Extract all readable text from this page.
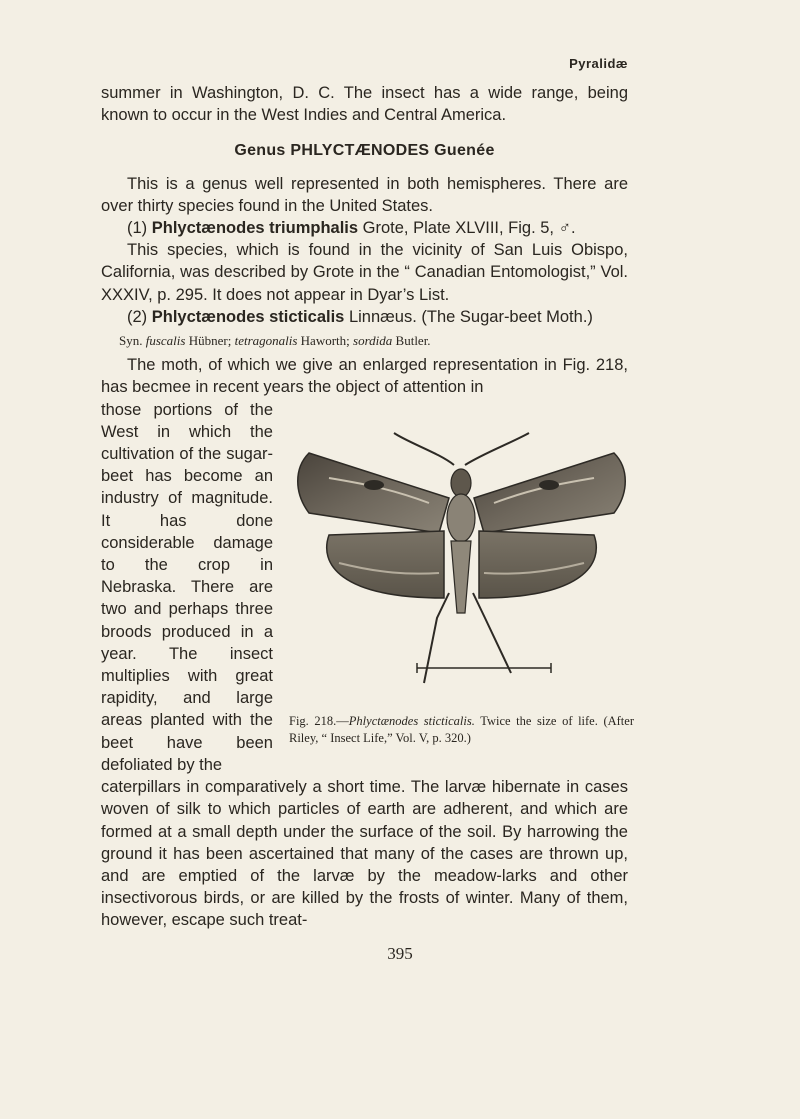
Pyralidæ

summer in Washington, D. C. The insect has a wide range, being known to occur in the West Indies and Central America.

Genus PHLYCTÆNODES Guenée

This is a genus well represented in both hemispheres. There are over thirty species found in the United States.

(1) Phlyctænodes triumphalis Grote, Plate XLVIII, Fig. 5, ♂.

This species, which is found in the vicinity of San Luis Obispo, California, was described by Grote in the “ Canadian Entomologist,” Vol. XXXIV, p. 295. It does not appear in Dyar’s List.

(2) Phlyctænodes sticticalis Linnæus. (The Sugar-beet Moth.)

Syn. fuscalis Hübner; tetragonalis Haworth; sordida Butler.

The moth, of which we give an enlarged representation in Fig. 218, has becmee in recent years the object of attention in

those portions of the West in which the cultivation of the sugar-beet has become an industry of magnitude. It has done considerable damage to the crop in Nebraska. There are two and perhaps three broods produced in a year. The insect multiplies with great rapidity, and large areas planted with the beet have been defoliated by the
Fig. 218.—Phlyctænodes sticticalis. Twice the size of life. (After Riley, “ Insect Life,” Vol. V, p. 320.)

caterpillars in comparatively a short time. The larvæ hibernate in cases woven of silk to which particles of earth are adherent, and which are formed at a small depth under the surface of the soil. By harrowing the ground it has been ascertained that many of the cases are thrown up, and are emptied of the larvæ by the meadow-larks and other insectivorous birds, or are killed by the frosts of winter. Many of them, however, escape such treat-

395
